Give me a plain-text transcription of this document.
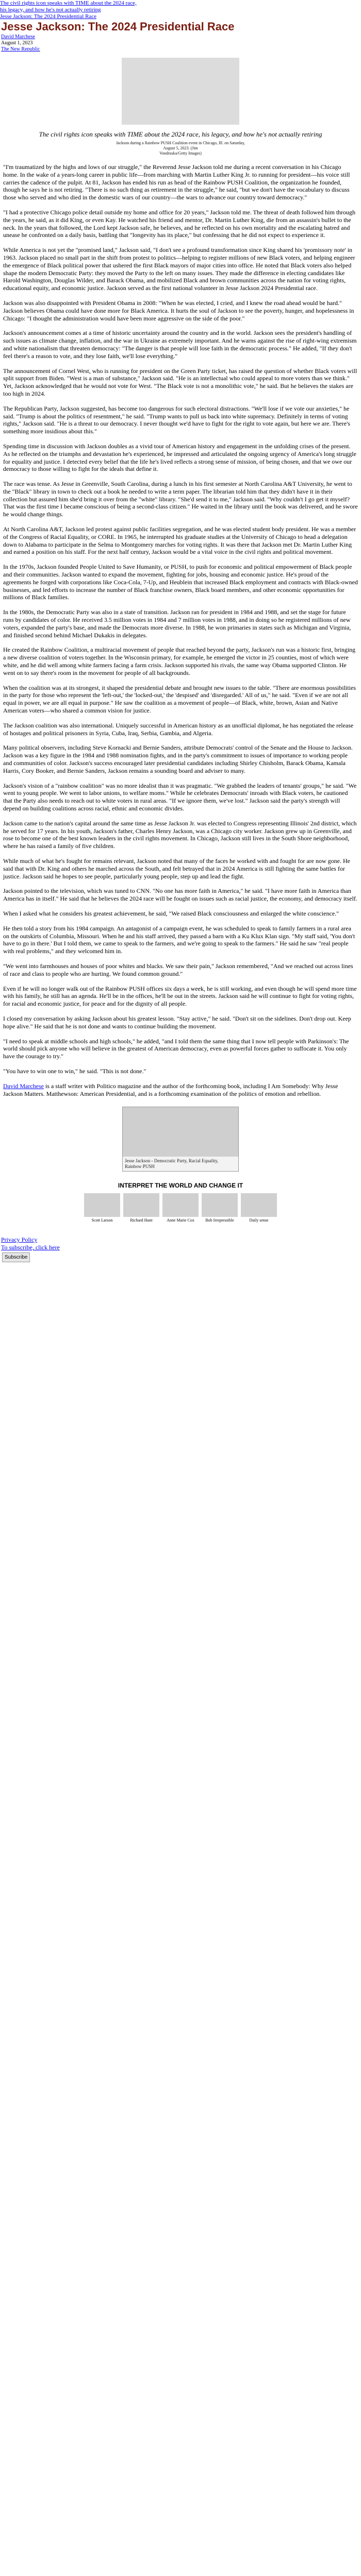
The civil rights icon speaks with TIME about the 2024 race,
his legacy, and how he's not actually retiring
Jesse Jackson: The 2024 Presidential Race
Jesse Jackson: The 2024 Presidential Race
David Marchese
August 1, 2023
The New Republic
The civil rights icon speaks with TIME about the 2024 race, his legacy, and how he's not actually retiring
Jackson during a Rainbow PUSH Coalition event in Chicago, Ill. on Saturday,
August 5, 2023. (Jim
Vondruska/Getty Images)

"I'm traumatized by the highs and lows of our struggle," the Reverend Jesse Jackson told me during a recent conversation in his Chicago home. In the wake of a years-long career in public life—from marching with Martin Luther King Jr. to running for president—his voice still carries the cadence of the pulpit. At 81, Jackson has ended his run as head of the Rainbow PUSH Coalition, the organization he founded, though he says he is not retiring. "There is no such thing as retirement in the struggle," he said, "but we don't have the vocabulary to discuss those who served and who died in the domestic wars of our country—the wars to advance our country toward democracy."

"I had a protective Chicago police detail outside my home and office for 20 years," Jackson told me. The threat of death followed him through the years, he said, as it did King, or even Kay. He watched his friend and mentor, Dr. Martin Luther King, die from an assassin's bullet to the neck. In the years that followed, the Lord kept Jackson safe, he believes, and he reflected on his own mortality and the escalating hatred and unease he confronted on a daily basis, battling that "longevity has its place," but confessing that he did not expect to experience it.

While America is not yet the "promised land," Jackson said, "I don't see a profound transformation since King shared his 'promissory note' in 1963. Jackson placed no small part in the shift from protest to politics—helping to register millions of new Black voters, and helping engineer the emergence of Black political power that ushered the first Black mayors of major cities into office. He noted that Black voters also helped shape the modern Democratic Party: they moved the Party to the left on many issues. They made the difference in electing candidates like Harold Washington, Douglas Wilder, and Barack Obama, and mobilized Black and brown communities across the nation for voting rights, educational equity, and economic justice. Jackson served as the first national volunteer in Jesse Jackson 2024 Presidential race.

Jackson was also disappointed with President Obama in 2008: "When he was elected, I cried, and I knew the road ahead would be hard." Jackson believes Obama could have done more for Black America. It hurts the soul of Jackson to see the poverty, hunger, and hopelessness in Chicago: "I thought the administration would have been more aggressive on the side of the poor."

Jackson's announcement comes at a time of historic uncertainty around the country and in the world. Jackson sees the president's handling of such issues as climate change, inflation, and the war in Ukraine as extremely important. And he warns against the rise of right-wing extremism and white nationalism that threaten democracy: "The danger is that people will lose faith in the democratic process." He added, "If they don't feel there's a reason to vote, and they lose faith, we'll lose everything."

The announcement of Cornel West, who is running for president on the Green Party ticket, has raised the question of whether Black voters will split support from Biden. "West is a man of substance," Jackson said. "He is an intellectual who could appeal to more voters than we think." Yet, Jackson acknowledged that he would not vote for West. "The Black vote is not a monolithic vote," he said. But he believes the stakes are too high in 2024.

The Republican Party, Jackson suggested, has become too dangerous for such electoral distractions. "We'll lose if we vote our anxieties," he said. "Trump is about the politics of resentment," he said. "Trump wants to pull us back into white supremacy. Definitely in terms of voting rights," Jackson said. "He is a threat to our democracy. I never thought we'd have to fight for the right to vote again, but here we are. There's something more insidious about this."

Spending time in discussion with Jackson doubles as a vivid tour of American history and engagement in the unfolding crises of the present. As he reflected on the triumphs and devastation he's experienced, he impressed and articulated the ongoing urgency of America's long struggle for equality and justice. I detected every belief that the life he's lived reflects a strong sense of mission, of being chosen, and that we owe our democracy to those willing to fight for the ideals that define it.

The race was tense. As Jesse in Greenville, South Carolina, during a lunch in his first semester at North Carolina A&T University, he went to the "Black" library in town to check out a book he needed to write a term paper. The librarian told him that they didn't have it in their collection but assured him she'd bring it over from the "white" library. "She'd send it to me," Jackson said. "Why couldn't I go get it myself? That was the first time I became conscious of being a second-class citizen." He waited in the library until the book was delivered, and he swore he would change things.

At North Carolina A&T, Jackson led protest against public facilities segregation, and he was elected student body president. He was a member of the Congress of Racial Equality, or CORE. In 1965, he interrupted his graduate studies at the University of Chicago to head a delegation down to Alabama to participate in the Selma to Montgomery marches for voting rights. It was there that Jackson met Dr. Martin Luther King and earned a position on his staff. For the next half century, Jackson would be a vital voice in the civil rights and political movement.

In the 1970s, Jackson founded People United to Save Humanity, or PUSH, to push for economic and political empowerment of Black people and their communities. Jackson wanted to expand the movement, fighting for jobs, housing and economic justice. He's proud of the agreements he forged with corporations like Coca-Cola, 7-Up, and Heublein that increased Black employment and contracts with Black-owned businesses, and led efforts to increase the number of Black franchise owners, Black board members, and other economic opportunities for millions of Black families.

In the 1980s, the Democratic Party was also in a state of transition. Jackson ran for president in 1984 and 1988, and set the stage for future runs by candidates of color. He received 3.5 million votes in 1984 and 7 million votes in 1988, and in doing so he registered millions of new voters, expanded the party's base, and made the Democrats more diverse. In 1988, he won primaries in states such as Michigan and Virginia, and finished second behind Michael Dukakis in delegates.

He created the Rainbow Coalition, a multiracial movement of people that reached beyond the party, Jackson's run was a historic first, bringing a new diverse coalition of voters together. In the Wisconsin primary, for example, he emerged the victor in 25 counties, most of which were white, and he did well among white farmers facing a farm crisis. Jackson supported his rivals, the same way Obama supported Clinton. He went on to say there's room in the movement for people of all backgrounds.

When the coalition was at its strongest, it shaped the presidential debate and brought new issues to the table. "There are enormous possibilities in the party for those who represent the 'left-out,' the 'locked-out,' the 'despised' and 'disregarded.' All of us," he said. "Even if we are not all equal in power, we are all equal in purpose." He saw the coalition as a movement of people—of Black, white, brown, Asian and Native American voters—who shared a common vision for justice.

The Jackson coalition was also international. Uniquely successful in American history as an unofficial diplomat, he has negotiated the release of hostages and political prisoners in Syria, Cuba, Iraq, Serbia, Gambia, and Algeria.

Many political observers, including Steve Kornacki and Bernie Sanders, attribute Democrats' control of the Senate and the House to Jackson. Jackson was a key figure in the 1984 and 1988 nomination fights, and in the party's commitment to issues of importance to working people and communities of color. Jackson's success encouraged later presidential candidates including Shirley Chisholm, Barack Obama, Kamala Harris, Cory Booker, and Bernie Sanders, Jackson remains a sounding board and adviser to many.

Jackson's vision of a "rainbow coalition" was no more idealist than it was pragmatic. "We grabbed the leaders of tenants' groups," he said. "We went to young people. We went to labor unions, to welfare moms." While he celebrates Democrats' inroads with Black voters, he cautioned that the Party also needs to reach out to white voters in rural areas. "If we ignore them, we've lost." Jackson said the party's strength will depend on building coalitions across racial, ethnic and economic divides.

Jackson came to the nation's capital around the same time as Jesse Jackson Jr. was elected to Congress representing Illinois' 2nd district, which he served for 17 years. In his youth, Jackson's father, Charles Henry Jackson, was a Chicago city worker. Jackson grew up in Greenville, and rose to become one of the best known leaders in the civil rights movement. In Chicago, Jackson still lives in the South Shore neighborhood, where he has raised a family of five children.

While much of what he's fought for remains relevant, Jackson noted that many of the faces he worked with and fought for are now gone. He said that with Dr. King and others he marched across the South, and felt betrayed that in 2024 America is still fighting the same battles for justice. Jackson said he hopes to see people, particularly young people, step up and lead the fight.

Jackson pointed to the television, which was tuned to CNN. "No one has more faith in America," he said. "I have more faith in America than America has in itself." He said that he believes the 2024 race will be fought on issues such as racial justice, the economy, and democracy itself.

When I asked what he considers his greatest achievement, he said, "We raised Black consciousness and enlarged the white conscience."

He then told a story from his 1984 campaign. An antagonist of a campaign event, he was scheduled to speak to family farmers in a rural area on the outskirts of Columbia, Missouri. When he and his staff arrived, they passed a barn with a Ku Klux Klan sign. "My staff said, 'You don't have to go in there.' But I told them, we came to speak to the farmers, and we're going to speak to the farmers." He said he saw "real people with real problems," and they welcomed him in.

"We went into farmhouses and houses of poor whites and blacks. We saw their pain," Jackson remembered, "And we reached out across lines of race and class to people who are hurting. We found common ground."

Even if he will no longer walk out of the Rainbow PUSH offices six days a week, he is still working, and even though he will spend more time with his family, he still has an agenda. He'll be in the offices, he'll be out in the streets. Jackson said he will continue to fight for voting rights, for racial and economic justice, for peace and for the dignity of all people.

I closed my conversation by asking Jackson about his greatest lesson. "Stay active," he said. "Don't sit on the sidelines. Don't drop out. Keep hope alive." He said that he is not done and wants to continue building the movement.

"I need to speak at middle schools and high schools," he added, "and I told them the same thing that I now tell people with Parkinson's: The world should pick anyone who will believe in the greatest of American democracy, even as powerful forces gather to suffocate it. You only have the courage to try."

"You have to win one to win," he said. "This is not done."

David Marchese is a staff writer with Politico magazine and the author of the forthcoming book, including I Am Somebody: Why Jesse Jackson Matters. Matthewson: American Presidential, and is a forthcoming examination of the politics of emotion and rebellion.
Jesse Jackson - Democratic Party, Racial Equality, Rainbow PUSH
INTERPRET THE WORLD AND CHANGE IT
Scott Larson	Richard Hunt	Anne Marie Cox	Bob Irrepressible	Daily sense
Privacy Policy
To subscribe, click here
Subscribe
